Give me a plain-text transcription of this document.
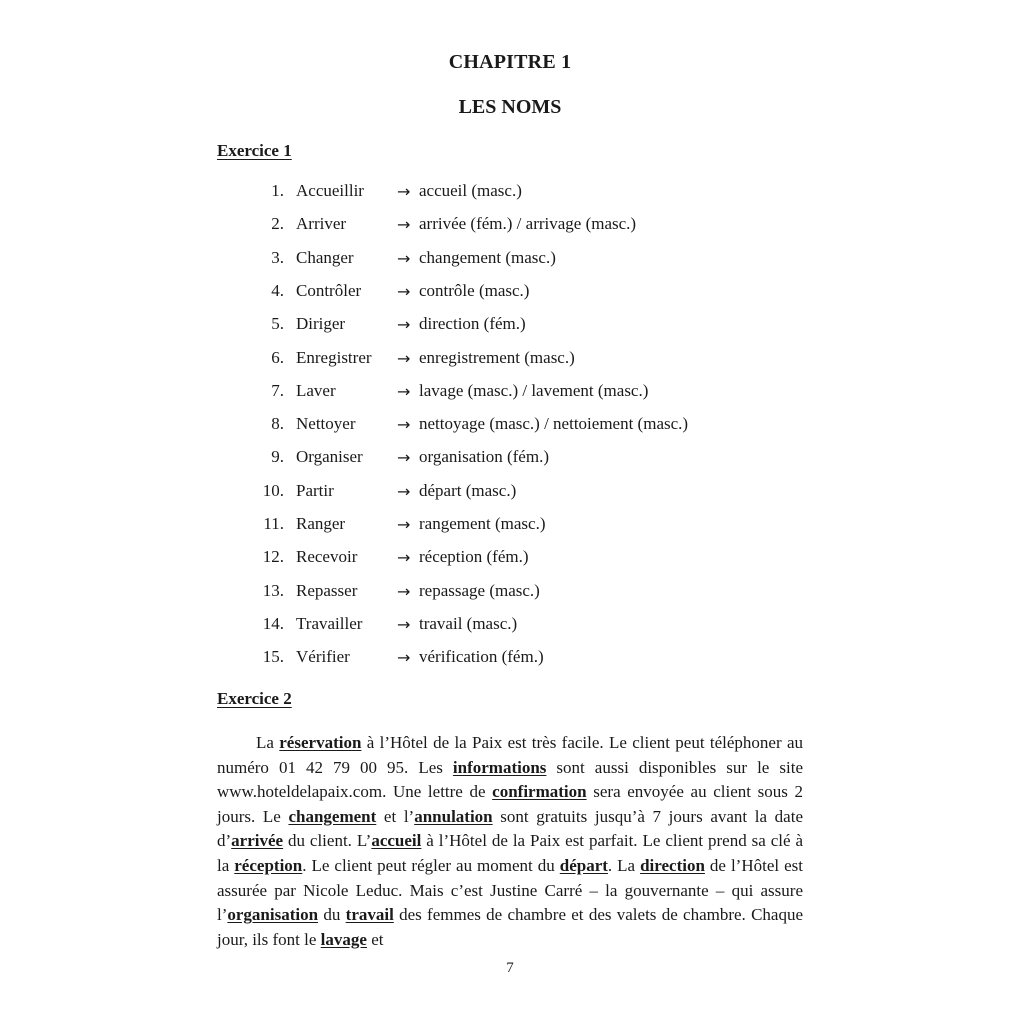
CHAPITRE 1
LES NOMS
Exercice 1
1. Accueillir → accueil (masc.)
2. Arriver	→ arrivée (fém.) / arrivage (masc.)
3. Changer	→ changement (masc.)
4. Contrôler → contrôle (masc.)
5. Diriger	→ direction (fém.)
6. Enregistrer → enregistrement (masc.)
7. Laver	→ lavage (masc.) / lavement (masc.)
8. Nettoyer	→ nettoyage (masc.) / nettoiement (masc.)
9. Organiser → organisation (fém.)
10. Partir	→ départ (masc.)
11. Ranger	→ rangement (masc.)
12. Recevoir → réception (fém.)
13. Repasser → repassage (masc.)
14. Travailler → travail (masc.)
15. Vérifier	→ vérification (fém.)
Exercice 2

La réservation à l’Hôtel de la Paix est très facile. Le client peut téléphoner au numéro 01 42 79 00 95. Les informations sont aussi disponibles sur le site www.hoteldelapaix.com. Une lettre de confirmation sera envoyée au client sous 2 jours. Le changement et l’annulation sont gratuits jusqu’à 7 jours avant la date d’arrivée du client. L’accueil à l’Hôtel de la Paix est parfait. Le client prend sa clé à la réception. Le client peut régler au moment du départ. La direction de l’Hôtel est assurée par Nicole Leduc. Mais c’est Justine Carré – la gouvernante – qui assure l’organisation du travail des femmes de chambre et des valets de chambre. Chaque jour, ils font le lavage et

7
